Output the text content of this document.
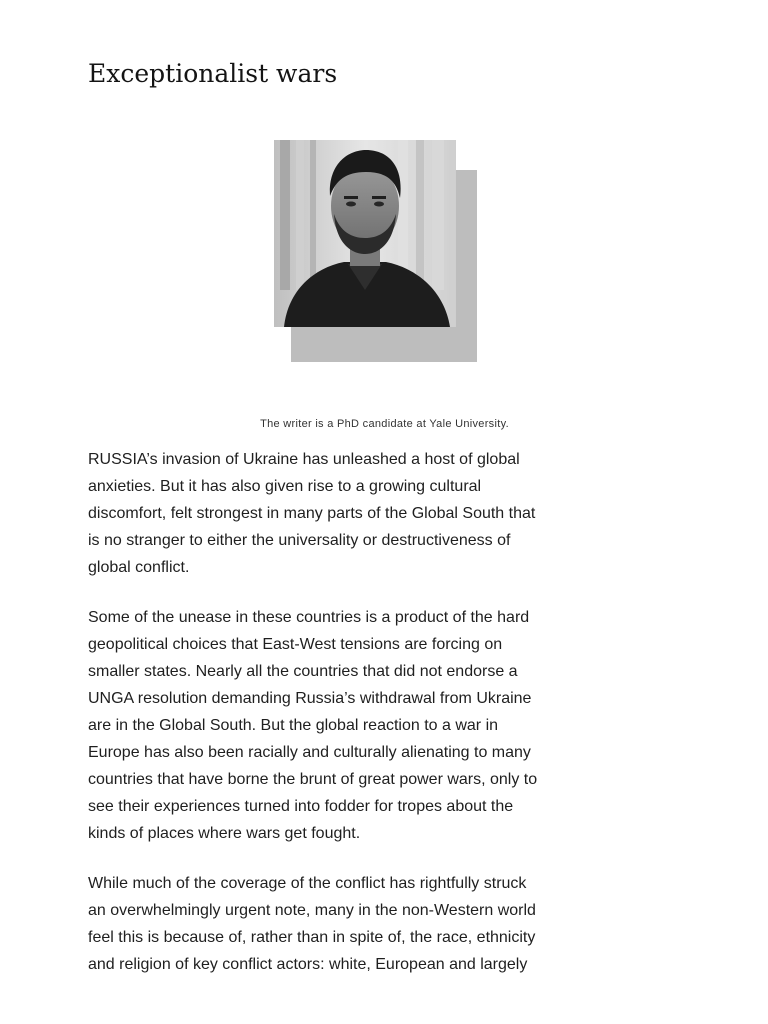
Exceptionalist wars
The writer is a PhD candidate at Yale University.

RUSSIA’s invasion of Ukraine has unleashed a host of global
anxieties. But it has also given rise to a growing cultural
discomfort, felt strongest in many parts of the Global South that
is no stranger to either the universality or destructiveness of
global conflict.

Some of the unease in these countries is a product of the hard
geopolitical choices that East-West tensions are forcing on
smaller states. Nearly all the countries that did not endorse a
UNGA resolution demanding Russia’s withdrawal from Ukraine
are in the Global South. But the global reaction to a war in
Europe has also been racially and culturally alienating to many
countries that have borne the brunt of great power wars, only to
see their experiences turned into fodder for tropes about the
kinds of places where wars get fought.

While much of the coverage of the conflict has rightfully struck
an overwhelmingly urgent note, many in the non-Western world
feel this is because of, rather than in spite of, the race, ethnicity
and religion of key conflict actors: white, European and largely
